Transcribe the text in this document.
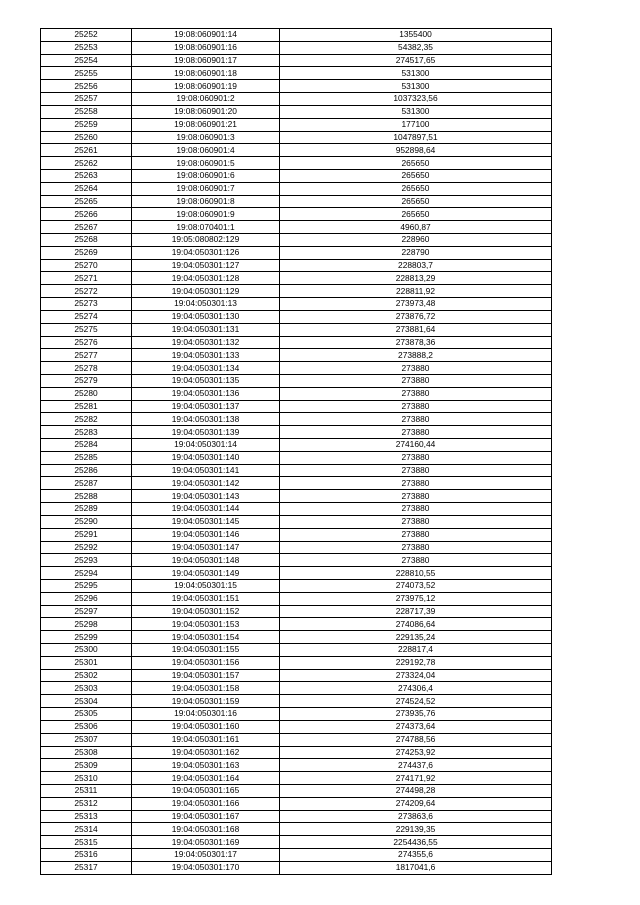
25252	19:08:060901:14	1355400
25253	19:08:060901:16	54382,35
25254	19:08:060901:17	274517,65
25255	19:08:060901:18	531300
25256	19:08:060901:19	531300
25257	19:08:060901:2	1037323,56
25258	19:08:060901:20	531300
25259	19:08:060901:21	177100
25260	19:08:060901:3	1047897,51
25261	19:08:060901:4	952898,64
25262	19:08:060901:5	265650
25263	19:08:060901:6	265650
25264	19:08:060901:7	265650
25265	19:08:060901:8	265650
25266	19:08:060901:9	265650
25267	19:08:070401:1	4960,87
25268	19:05:080802:129	228960
25269	19:04:050301:126	228790
25270	19:04:050301:127	228803,7
25271	19:04:050301:128	228813,29
25272	19:04:050301:129	228811,92
25273	19:04:050301:13	273973,48
25274	19:04:050301:130	273876,72
25275	19:04:050301:131	273881,64
25276	19:04:050301:132	273878,36
25277	19:04:050301:133	273888,2
25278	19:04:050301:134	273880
25279	19:04:050301:135	273880
25280	19:04:050301:136	273880
25281	19:04:050301:137	273880
25282	19:04:050301:138	273880
25283	19:04:050301:139	273880
25284	19:04:050301:14	274160,44
25285	19:04:050301:140	273880
25286	19:04:050301:141	273880
25287	19:04:050301:142	273880
25288	19:04:050301:143	273880
25289	19:04:050301:144	273880
25290	19:04:050301:145	273880
25291	19:04:050301:146	273880
25292	19:04:050301:147	273880
25293	19:04:050301:148	273880
25294	19:04:050301:149	228810,55
25295	19:04:050301:15	274073,52
25296	19:04:050301:151	273975,12
25297	19:04:050301:152	228717,39
25298	19:04:050301:153	274086,64
25299	19:04:050301:154	229135,24
25300	19:04:050301:155	228817,4
25301	19:04:050301:156	229192,78
25302	19:04:050301:157	273324,04
25303	19:04:050301:158	274306,4
25304	19:04:050301:159	274524,52
25305	19:04:050301:16	273935,76
25306	19:04:050301:160	274373,64
25307	19:04:050301:161	274788,56
25308	19:04:050301:162	274253,92
25309	19:04:050301:163	274437,6
25310	19:04:050301:164	274171,92
25311	19:04:050301:165	274498,28
25312	19:04:050301:166	274209,64
25313	19:04:050301:167	273863,6
25314	19:04:050301:168	229139,35
25315	19:04:050301:169	2254436,55
25316	19:04:050301:17	274355,6
25317	19:04:050301:170	1817041,6
